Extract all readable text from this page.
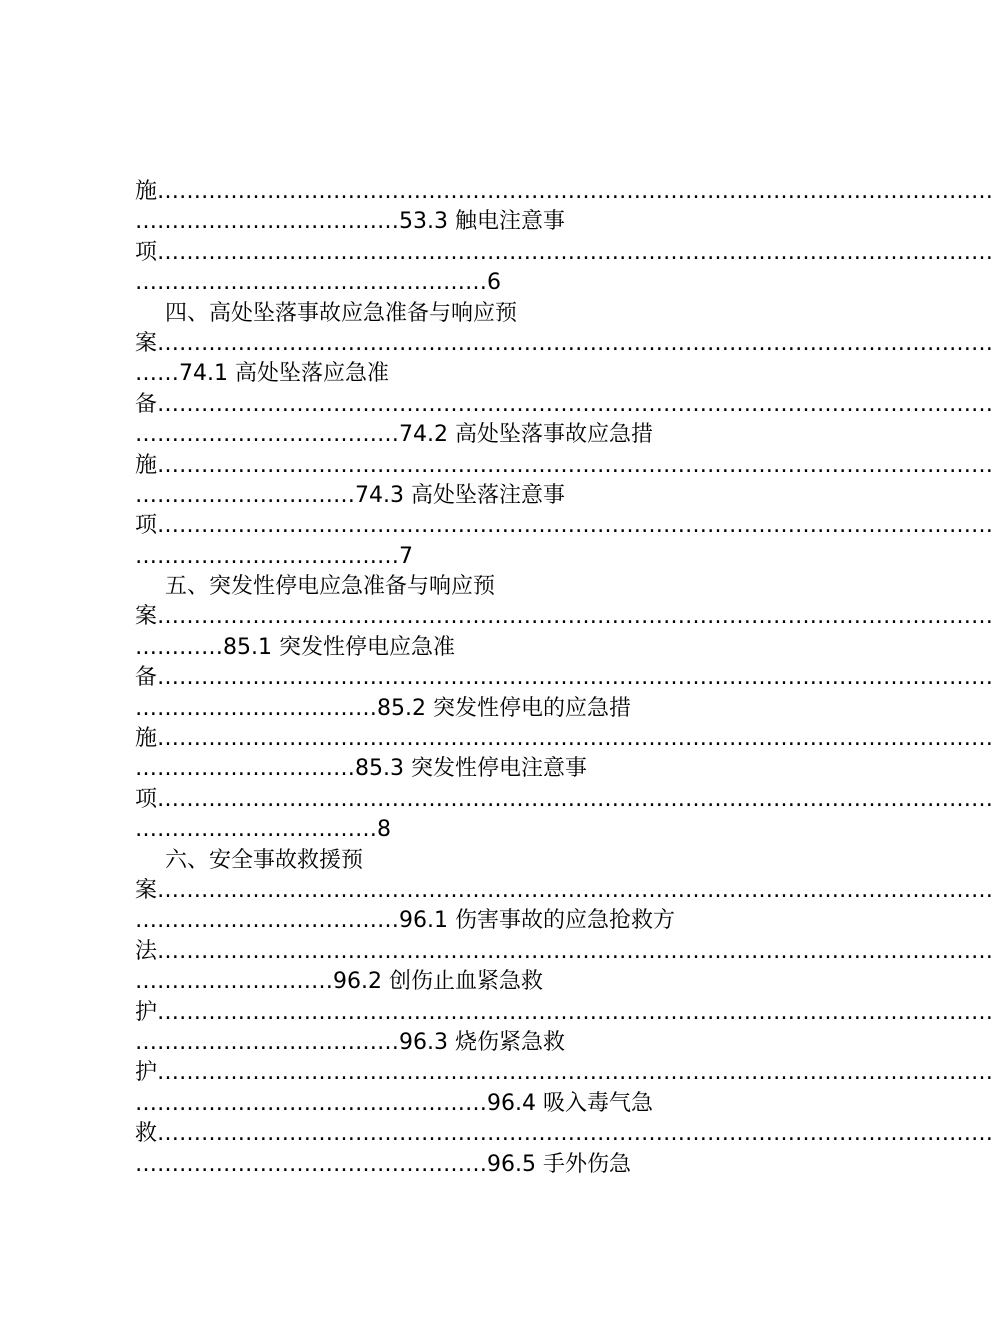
施……………………………………………………………………………………………………
………………………………53.3 触电注意事
项……………………………………………………………………………………………………
…………………………………………6
四、高处坠落事故应急准备与响应预
案……………………………………………………………………………………………………
……74.1 高处坠落应急准
备……………………………………………………………………………………………………
………………………………74.2 高处坠落事故应急措
施……………………………………………………………………………………………………
…………………………74.3 高处坠落注意事
项……………………………………………………………………………………………………
………………………………7
五、突发性停电应急准备与响应预
案……………………………………………………………………………………………………
…………85.1 突发性停电应急准
备……………………………………………………………………………………………………
……………………………85.2 突发性停电的应急措
施……………………………………………………………………………………………………
…………………………85.3 突发性停电注意事
项……………………………………………………………………………………………………
……………………………8
六、安全事故救援预
案……………………………………………………………………………………………………
………………………………96.1 伤害事故的应急抢救方
法……………………………………………………………………………………………………
………………………96.2 创伤止血紧急救
护……………………………………………………………………………………………………
………………………………96.3 烧伤紧急救
护……………………………………………………………………………………………………
…………………………………………96.4 吸入毒气急
救……………………………………………………………………………………………………
…………………………………………96.5 手外伤急
